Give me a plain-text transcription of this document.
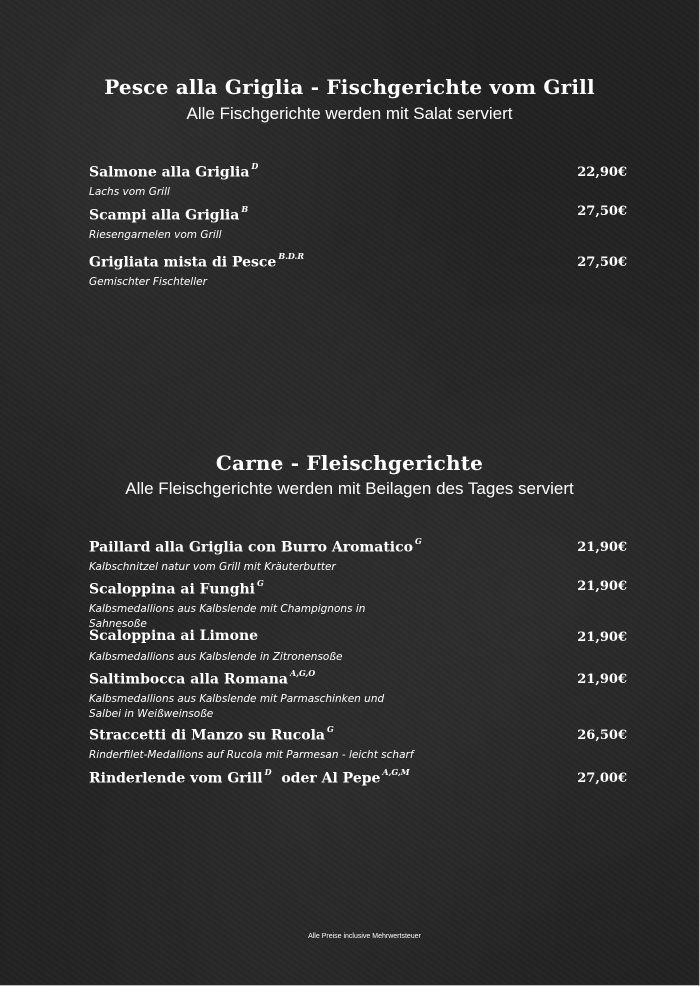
Pesce alla Griglia - Fischgerichte vom Grill
Alle Fischgerichte werden mit Salat serviert
Salmone alla Griglia $^D$	22,90€
Lachs vom Grill
Scampi alla Griglia $^B$	27,50€
Riesengarnelen vom Grill
Grigliata mista di Pesce $^{B.D.R}$	27,50€
Gemischter Fischteller
Carne - Fleischgerichte
Alle Fleischgerichte werden mit Beilagen des Tages serviert
Paillard alla Griglia con Burro Aromatico $^G$	21,90€
Kalbschnitzel natur vom Grill mit Kräuterbutter
Scaloppina ai Funghi $^G$	21,90€
Kalbsmedallions aus Kalbslende mit Champignons in Sahnesoße
Scaloppina ai Limone	21,90€
Kalbsmedallions aus Kalbslende in Zitronensoße
Saltimbocca alla Romana $^{A,G,O}$	21,90€
Kalbsmedallions aus Kalbslende mit Parmaschinken und Salbei in Weißweinsoße
Straccetti di Manzo su Rucola $^G$	26,50€
Rinderfilet-Medallions auf Rucola mit Parmesan - leicht scharf
Rinderlende vom Grill $^D$ oder Al Pepe $^{A,G,M}$	27,00€
Alle Preise inclusive Mehrwertsteuer
